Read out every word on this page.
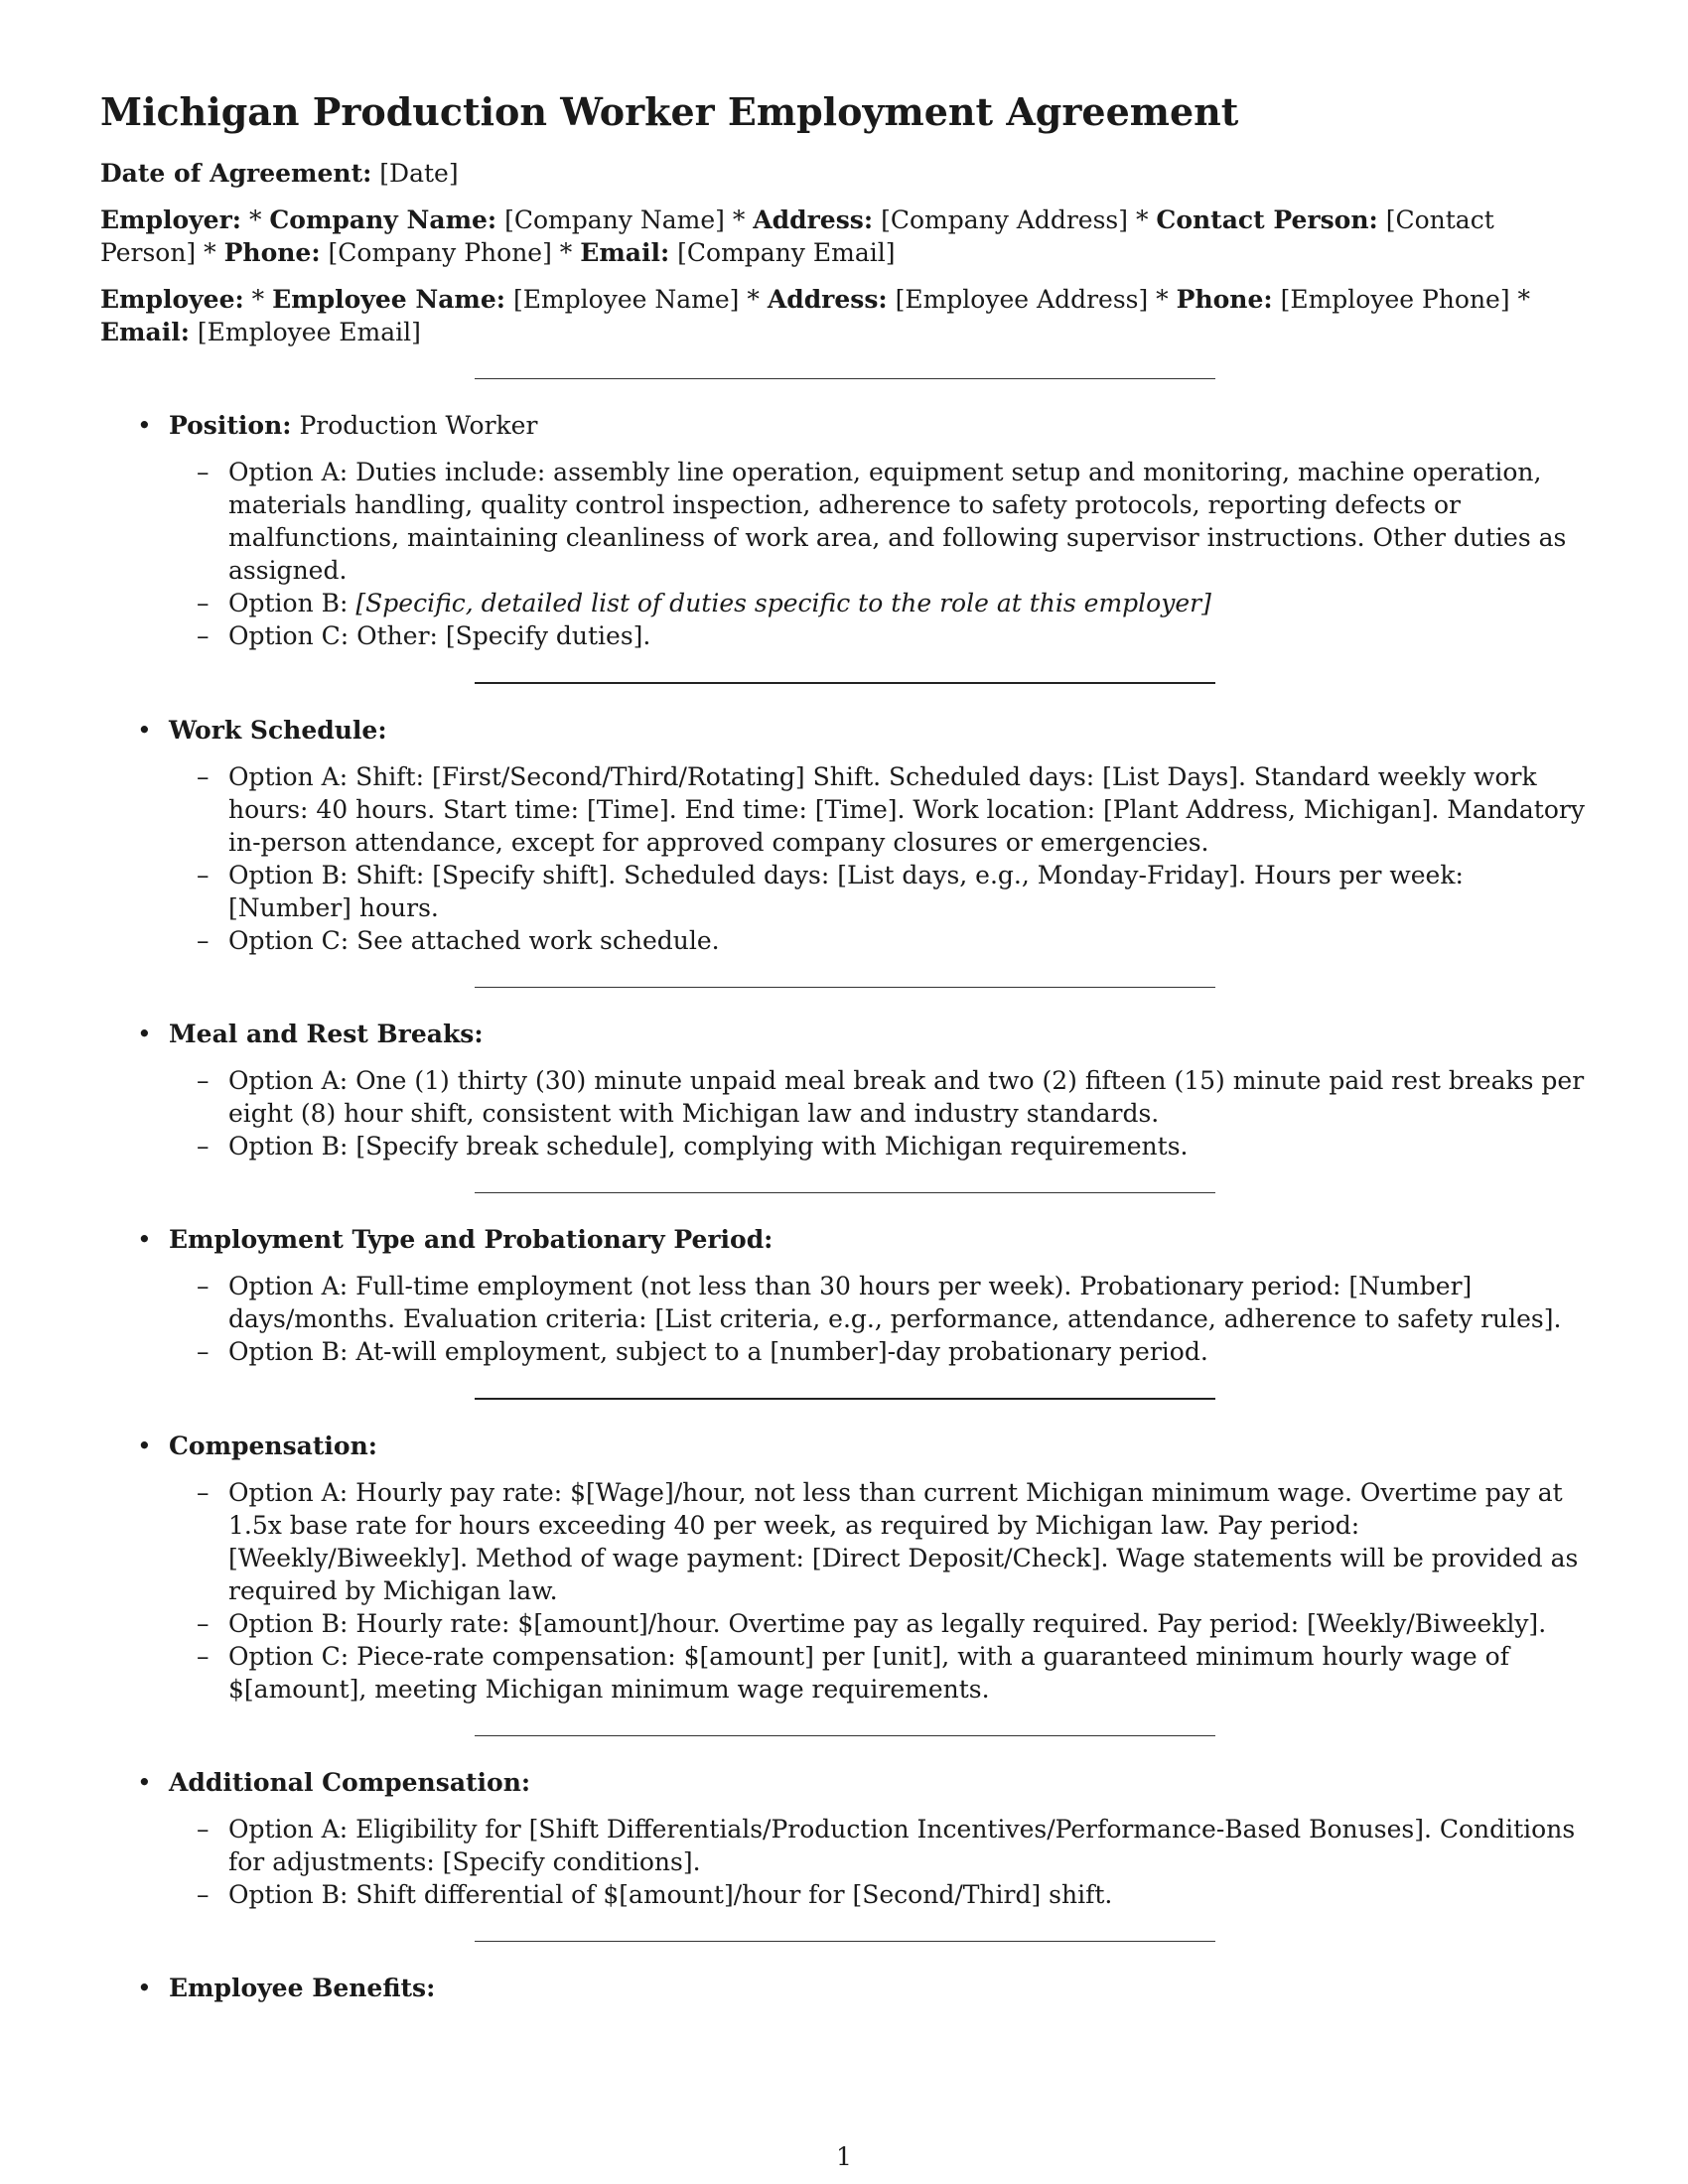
Michigan Production Worker Employment Agreement

Date of Agreement: [Date]

Employer: * Company Name: [Company Name] * Address: [Company Address] * Contact Person: [Contact Person] * Phone: [Company Phone] * Email: [Company Email]

Employee: * Employee Name: [Employee Name] * Address: [Employee Address] * Phone: [Employee Phone] * Email: [Employee Email]

• Position: Production Worker

– Option A: Duties include: assembly line operation, equipment setup and monitoring, machine operation, materials handling, quality control inspection, adherence to safety protocols, reporting defects or malfunctions, maintaining cleanliness of work area, and following supervisor instructions. Other duties as assigned.
– Option B: [Specific, detailed list of duties specific to the role at this employer]
– Option C: Other: [Specify duties].
• Work Schedule:

– Option A: Shift: [First/Second/Third/Rotating] Shift. Scheduled days: [List Days]. Standard weekly work hours: 40 hours. Start time: [Time]. End time: [Time]. Work location: [Plant Address, Michigan]. Mandatory in-person attendance, except for approved company closures or emergencies.
– Option B: Shift: [Specify shift]. Scheduled days: [List days, e.g., Monday-Friday]. Hours per week: [Number] hours.
– Option C: See attached work schedule.
• Meal and Rest Breaks:

– Option A: One (1) thirty (30) minute unpaid meal break and two (2) fifteen (15) minute paid rest breaks per eight (8) hour shift, consistent with Michigan law and industry standards.
– Option B: [Specify break schedule], complying with Michigan requirements.
• Employment Type and Probationary Period:

– Option A: Full-time employment (not less than 30 hours per week). Probationary period: [Number] days/months. Evaluation criteria: [List criteria, e.g., performance, attendance, adherence to safety rules].
– Option B: At-will employment, subject to a [number]-day probationary period.
• Compensation:

– Option A: Hourly pay rate: $[Wage]/hour, not less than current Michigan minimum wage. Overtime pay at 1.5x base rate for hours exceeding 40 per week, as required by Michigan law. Pay period: [Weekly/Biweekly]. Method of wage payment: [Direct Deposit/Check]. Wage statements will be provided as required by Michigan law.
– Option B: Hourly rate: $[amount]/hour. Overtime pay as legally required. Pay period: [Weekly/Biweekly].
– Option C: Piece-rate compensation: $[amount] per [unit], with a guaranteed minimum hourly wage of $[amount], meeting Michigan minimum wage requirements.
• Additional Compensation:

– Option A: Eligibility for [Shift Differentials/Production Incentives/Performance-Based Bonuses]. Conditions for adjustments: [Specify conditions].
– Option B: Shift differential of $[amount]/hour for [Second/Third] shift.
• Employee Benefits:

1
